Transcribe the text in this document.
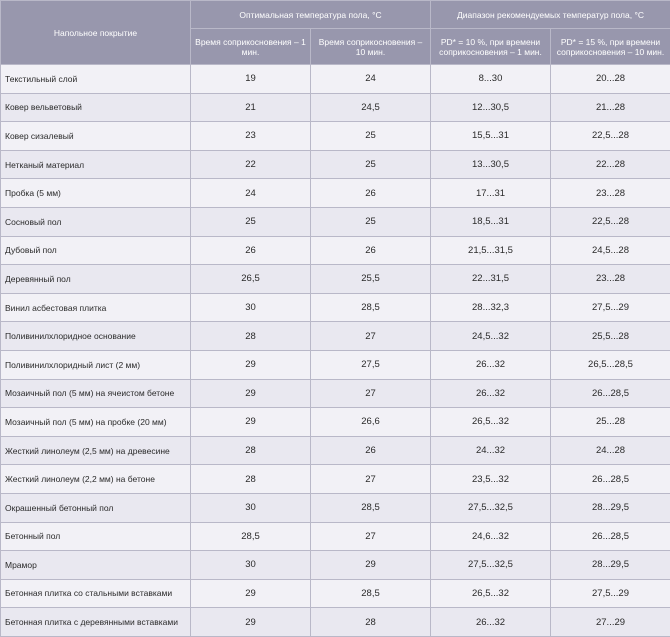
Напольное покрытие	Оптимальная температура пола, °С		Диапазон рекомендуемых температур пола, °С	
	Время соприкосновения – 1 мин.	Время соприкосновения – 10 мин.	PD* = 10 %, при времени соприкосновения – 1 мин.	PD* = 15 %, при времени соприкосновения – 10 мин.
Текстильный слой	19	24	8...30	20...28
Ковер вельветовый	21	24,5	12...30,5	21...28
Ковер сизалевый	23	25	15,5...31	22,5...28
Нетканый материал	22	25	13...30,5	22...28
Пробка (5 мм)	24	26	17...31	23...28
Сосновый пол	25	25	18,5...31	22,5...28
Дубовый пол	26	26	21,5...31,5	24,5...28
Деревянный пол	26,5	25,5	22...31,5	23...28
Винил асбестовая плитка	30	28,5	28...32,3	27,5...29
Поливинилхлоридное основание	28	27	24,5...32	25,5...28
Поливинилхлоридный лист (2 мм)	29	27,5	26...32	26,5...28,5
Мозаичный пол (5 мм) на ячеистом бетоне	29	27	26...32	26...28,5
Мозаичный пол (5 мм) на пробке (20 мм)	29	26,6	26,5...32	25...28
Жесткий линолеум (2,5 мм) на древесине	28	26	24...32	24...28
Жесткий линолеум (2,2 мм) на бетоне	28	27	23,5...32	26...28,5
Окрашенный бетонный пол	30	28,5	27,5...32,5	28...29,5
Бетонный пол	28,5	27	24,6...32	26...28,5
Мрамор	30	29	27,5...32,5	28...29,5
Бетонная плитка со стальными вставками	29	28,5	26,5...32	27,5...29
Бетонная плитка с деревянными вставками	29	28	26...32	27...29
